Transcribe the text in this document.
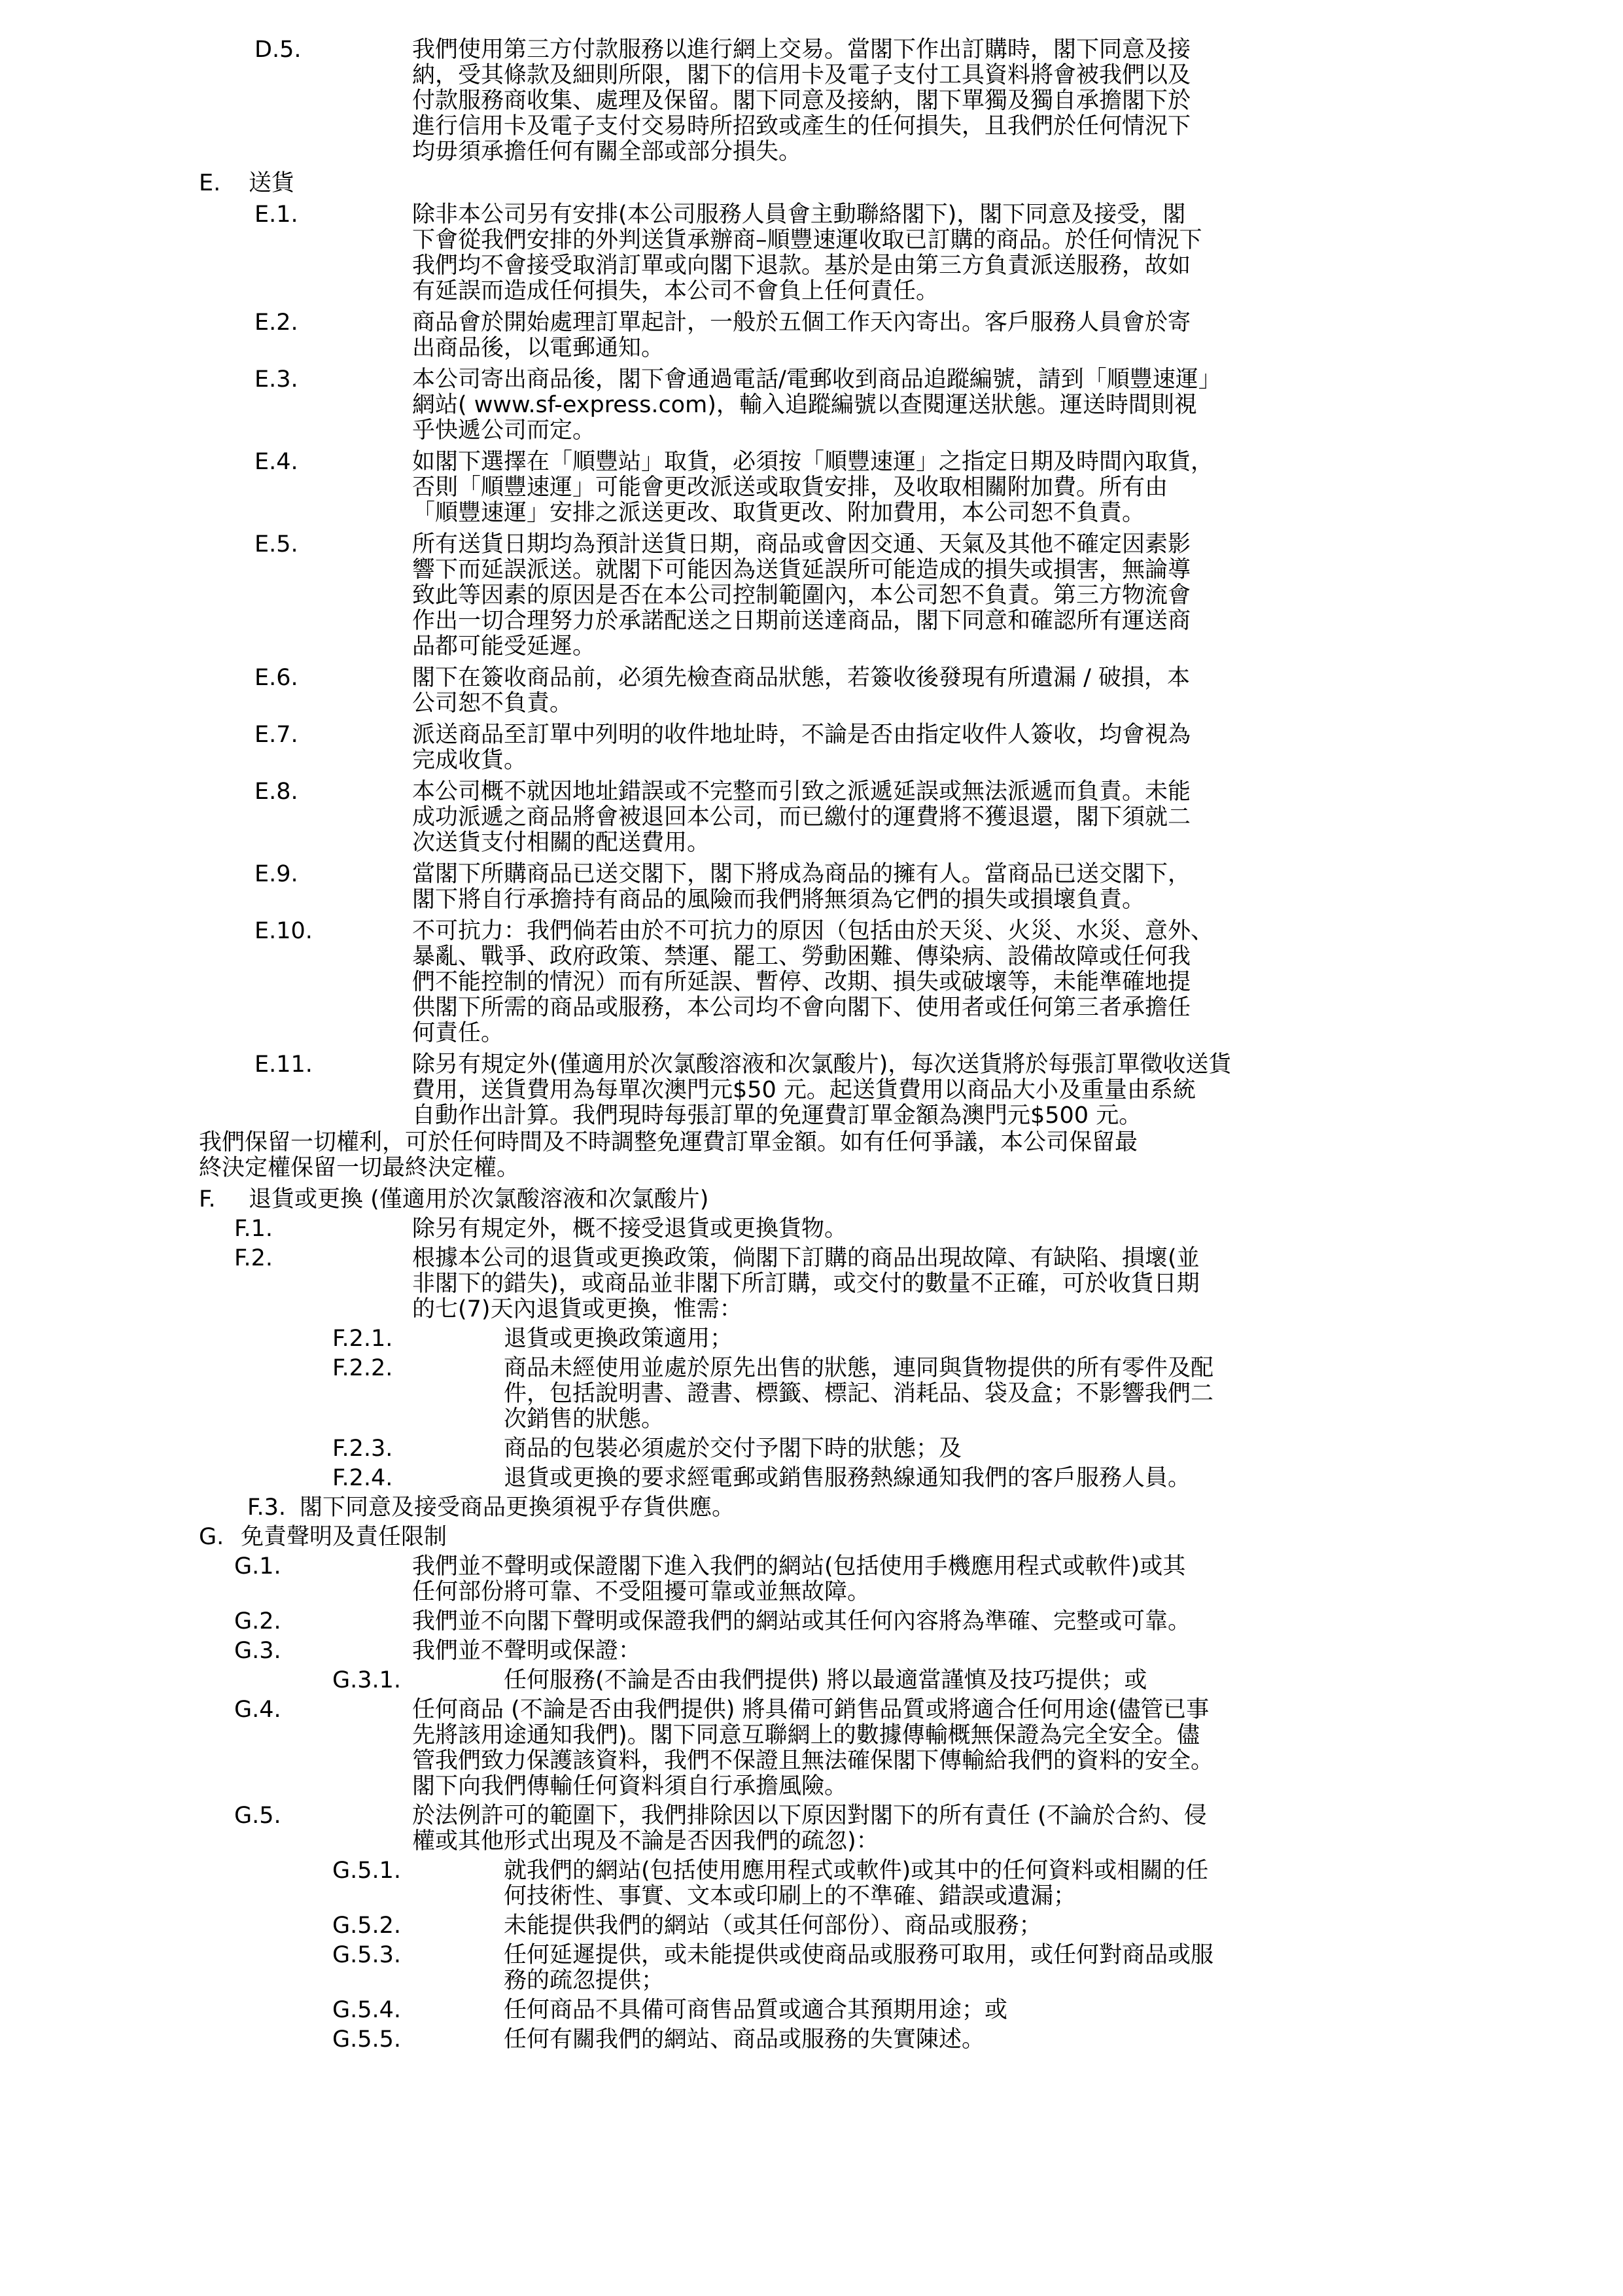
D.5.	我們使用第三方付款服務以進行網上交易。當閣下作出訂購時，閣下同意及接
納，受其條款及細則所限，閣下的信用卡及電子支付工具資料將會被我們以及
付款服務商收集、處理及保留。閣下同意及接納，閣下單獨及獨自承擔閣下於
進行信用卡及電子支付交易時所招致或產生的任何損失，且我們於任何情況下
均毋須承擔任何有關全部或部分損失。
E. 送貨
E.1.	除非本公司另有安排(本公司服務人員會主動聯絡閣下)，閣下同意及接受，閣
下會從我們安排的外判送貨承辦商–順豐速運收取已訂購的商品。於任何情況下
我們均不會接受取消訂單或向閣下退款。基於是由第三方負責派送服務，故如
有延誤而造成任何損失，本公司不會負上任何責任。
E.2.	商品會於開始處理訂單起計，一般於五個工作天內寄出。客戶服務人員會於寄
出商品後，以電郵通知。
E.3.	本公司寄出商品後，閣下會通過電話/電郵收到商品追蹤編號，請到「順豐速運」
網站( www.sf-express.com)，輸入追蹤編號以查閱運送狀態。運送時間則視
乎快遞公司而定。
E.4.	如閣下選擇在「順豐站」取貨，必須按「順豐速運」之指定日期及時間內取貨，
否則「順豐速運」可能會更改派送或取貨安排，及收取相關附加費。所有由
「順豐速運」安排之派送更改、取貨更改、附加費用，本公司恕不負責。
E.5.	所有送貨日期均為預計送貨日期，商品或會因交通、天氣及其他不確定因素影
響下而延誤派送。就閣下可能因為送貨延誤所可能造成的損失或損害，無論導
致此等因素的原因是否在本公司控制範圍內，本公司恕不負責。第三方物流會
作出一切合理努力於承諾配送之日期前送達商品，閣下同意和確認所有運送商
品都可能受延遲。
E.6.	閣下在簽收商品前，必須先檢查商品狀態，若簽收後發現有所遺漏 / 破損，本
公司恕不負責。
E.7.	派送商品至訂單中列明的收件地址時，不論是否由指定收件人簽收，均會視為
完成收貨。
E.8.	本公司概不就因地址錯誤或不完整而引致之派遞延誤或無法派遞而負責。未能
成功派遞之商品將會被退回本公司，而已繳付的運費將不獲退還，閣下須就二
次送貨支付相關的配送費用。
E.9.	當閣下所購商品已送交閣下，閣下將成為商品的擁有人。當商品已送交閣下，
閣下將自行承擔持有商品的風險而我們將無須為它們的損失或損壞負責。
E.10.	不可抗力：我們倘若由於不可抗力的原因（包括由於天災、火災、水災、意外、
暴亂、戰爭、政府政策、禁運、罷工、勞動困難、傳染病、設備故障或任何我
們不能控制的情況）而有所延誤、暫停、改期、損失或破壞等，未能準確地提
供閣下所需的商品或服務，本公司均不會向閣下、使用者或任何第三者承擔任
何責任。
E.11.	除另有規定外(僅適用於次氯酸溶液和次氯酸片)，每次送貨將於每張訂單徵收送貨
費用，送貨費用為每單次澳門元$50 元。起送貨費用以商品大小及重量由系統
自動作出計算。我們現時每張訂單的免運費訂單金額為澳門元$500 元。
我們保留一切權利，可於任何時間及不時調整免運費訂單金額。如有任何爭議，本公司保留最
終決定權保留一切最終決定權。
F. 退貨或更換 (僅適用於次氯酸溶液和次氯酸片)
F.1.	除另有規定外，概不接受退貨或更換貨物。
F.2.	根據本公司的退貨或更換政策，倘閣下訂購的商品出現故障、有缺陷、損壞(並
非閣下的錯失)，或商品並非閣下所訂購，或交付的數量不正確，可於收貨日期
的七(7)天內退貨或更換，惟需：
F.2.1.	退貨或更換政策適用；
F.2.2.	商品未經使用並處於原先出售的狀態，連同與貨物提供的所有零件及配
件，包括說明書、證書、標籤、標記、消耗品、袋及盒；不影響我們二
次銷售的狀態。
F.2.3.	商品的包裝必須處於交付予閣下時的狀態；及
F.2.4.	退貨或更換的要求經電郵或銷售服務熱線通知我們的客戶服務人員。
F.3. 閣下同意及接受商品更換須視乎存貨供應。
G. 免責聲明及責任限制
G.1.	我們並不聲明或保證閣下進入我們的網站(包括使用手機應用程式或軟件)或其
任何部份將可靠、不受阻擾可靠或並無故障。
G.2.	我們並不向閣下聲明或保證我們的網站或其任何內容將為準確、完整或可靠。
G.3.	我們並不聲明或保證：
G.3.1.	任何服務(不論是否由我們提供) 將以最適當謹慎及技巧提供；或
G.4.	任何商品 (不論是否由我們提供) 將具備可銷售品質或將適合任何用途(儘管已事
先將該用途通知我們)。閣下同意互聯網上的數據傳輸概無保證為完全安全。儘
管我們致力保護該資料，我們不保證且無法確保閣下傳輸給我們的資料的安全。
閣下向我們傳輸任何資料須自行承擔風險。
G.5.	於法例許可的範圍下，我們排除因以下原因對閣下的所有責任 (不論於合約、侵
權或其他形式出現及不論是否因我們的疏忽)：
G.5.1.	就我們的網站(包括使用應用程式或軟件)或其中的任何資料或相關的任
何技術性、事實、文本或印刷上的不準確、錯誤或遺漏；
G.5.2.	未能提供我們的網站（或其任何部份）、商品或服務；
G.5.3.	任何延遲提供，或未能提供或使商品或服務可取用，或任何對商品或服
務的疏忽提供；
G.5.4.	任何商品不具備可商售品質或適合其預期用途；或
G.5.5.	任何有關我們的網站、商品或服務的失實陳述。
